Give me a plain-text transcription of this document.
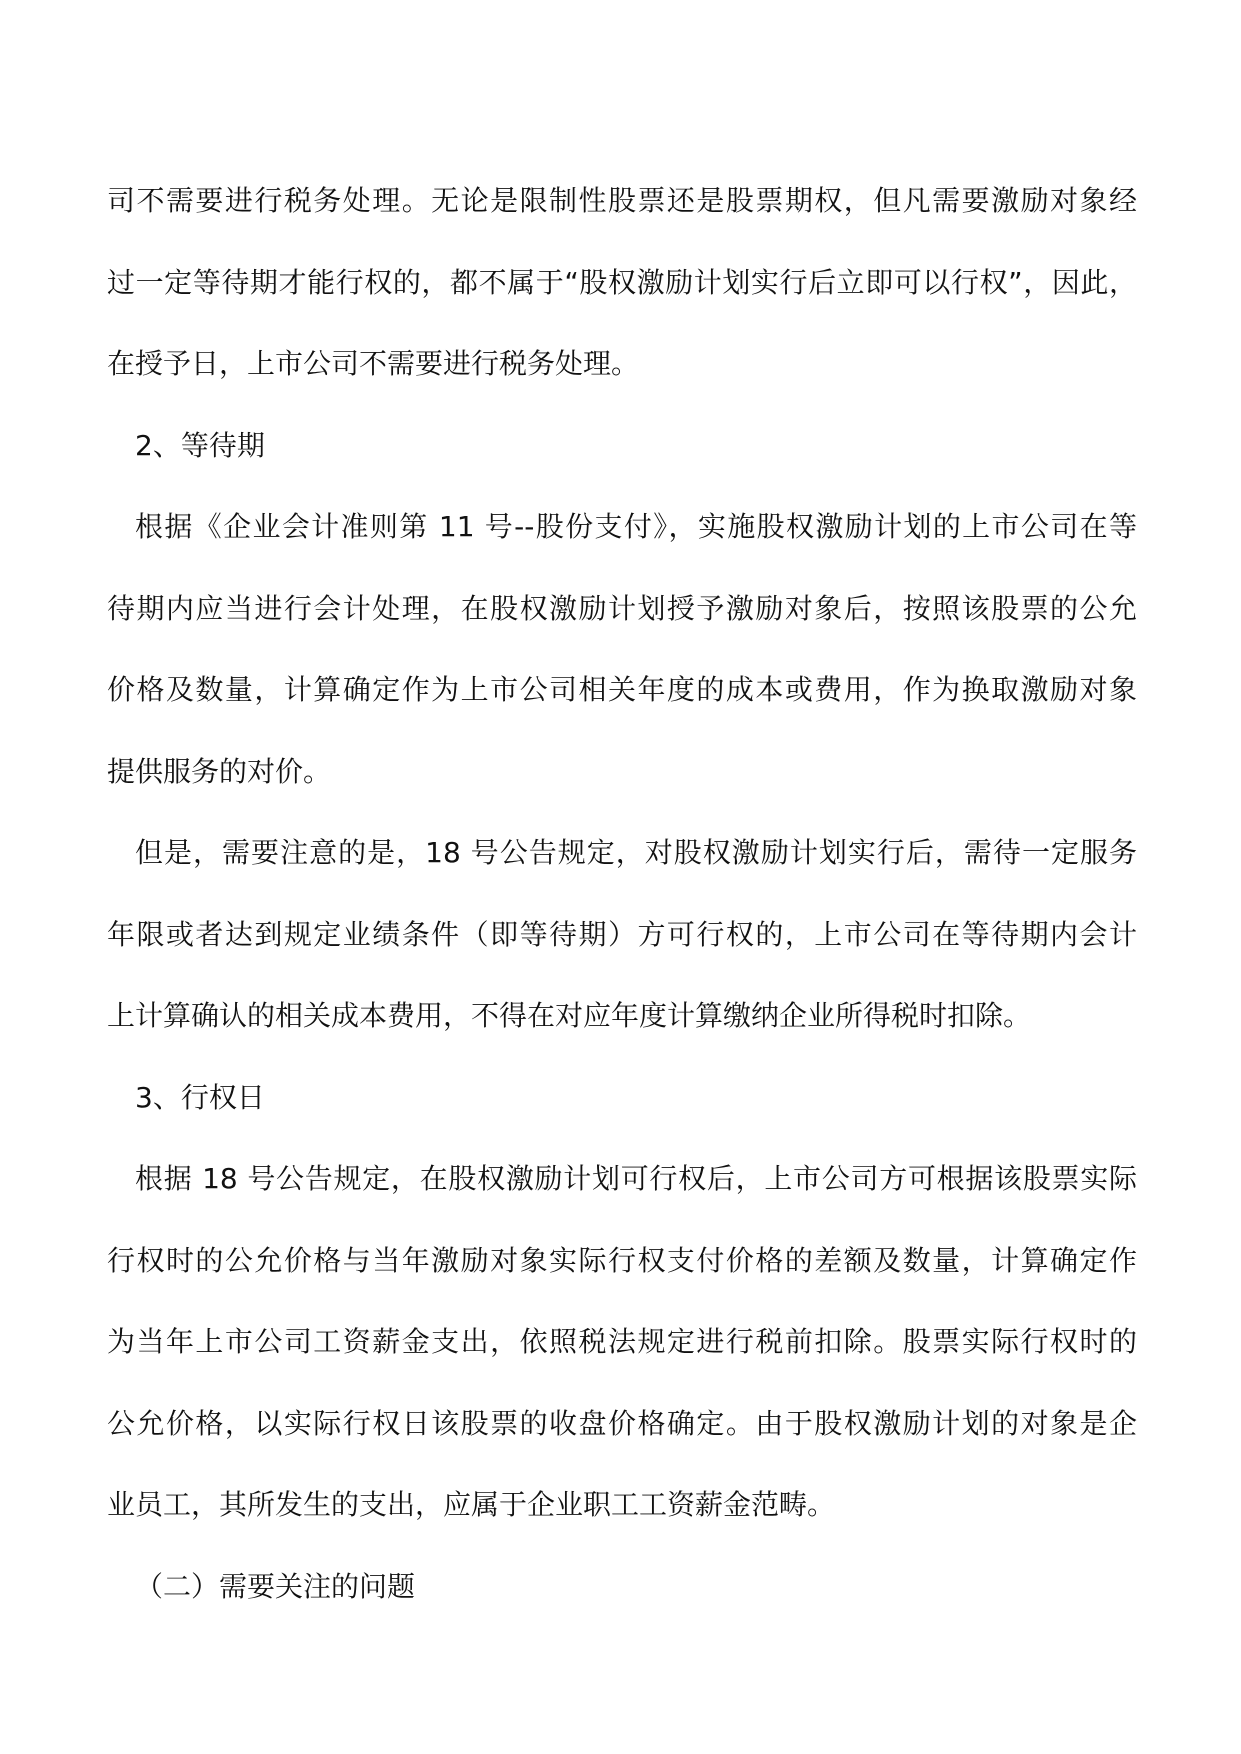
司不需要进行税务处理。无论是限制性股票还是股票期权，但凡需要激励对象经
过一定等待期才能行权的，都不属于“股权激励计划实行后立即可以行权”，因此，
在授予日，上市公司不需要进行税务处理。
2、等待期
根据《企业会计准则第 11 号--股份支付》，实施股权激励计划的上市公司在等
待期内应当进行会计处理，在股权激励计划授予激励对象后，按照该股票的公允
价格及数量，计算确定作为上市公司相关年度的成本或费用，作为换取激励对象
提供服务的对价。
但是，需要注意的是，18 号公告规定，对股权激励计划实行后，需待一定服务
年限或者达到规定业绩条件（即等待期）方可行权的，上市公司在等待期内会计
上计算确认的相关成本费用，不得在对应年度计算缴纳企业所得税时扣除。
3、行权日
根据 18 号公告规定，在股权激励计划可行权后，上市公司方可根据该股票实际
行权时的公允价格与当年激励对象实际行权支付价格的差额及数量，计算确定作
为当年上市公司工资薪金支出，依照税法规定进行税前扣除。股票实际行权时的
公允价格，以实际行权日该股票的收盘价格确定。由于股权激励计划的对象是企
业员工，其所发生的支出，应属于企业职工工资薪金范畴。
（二）需要关注的问题
